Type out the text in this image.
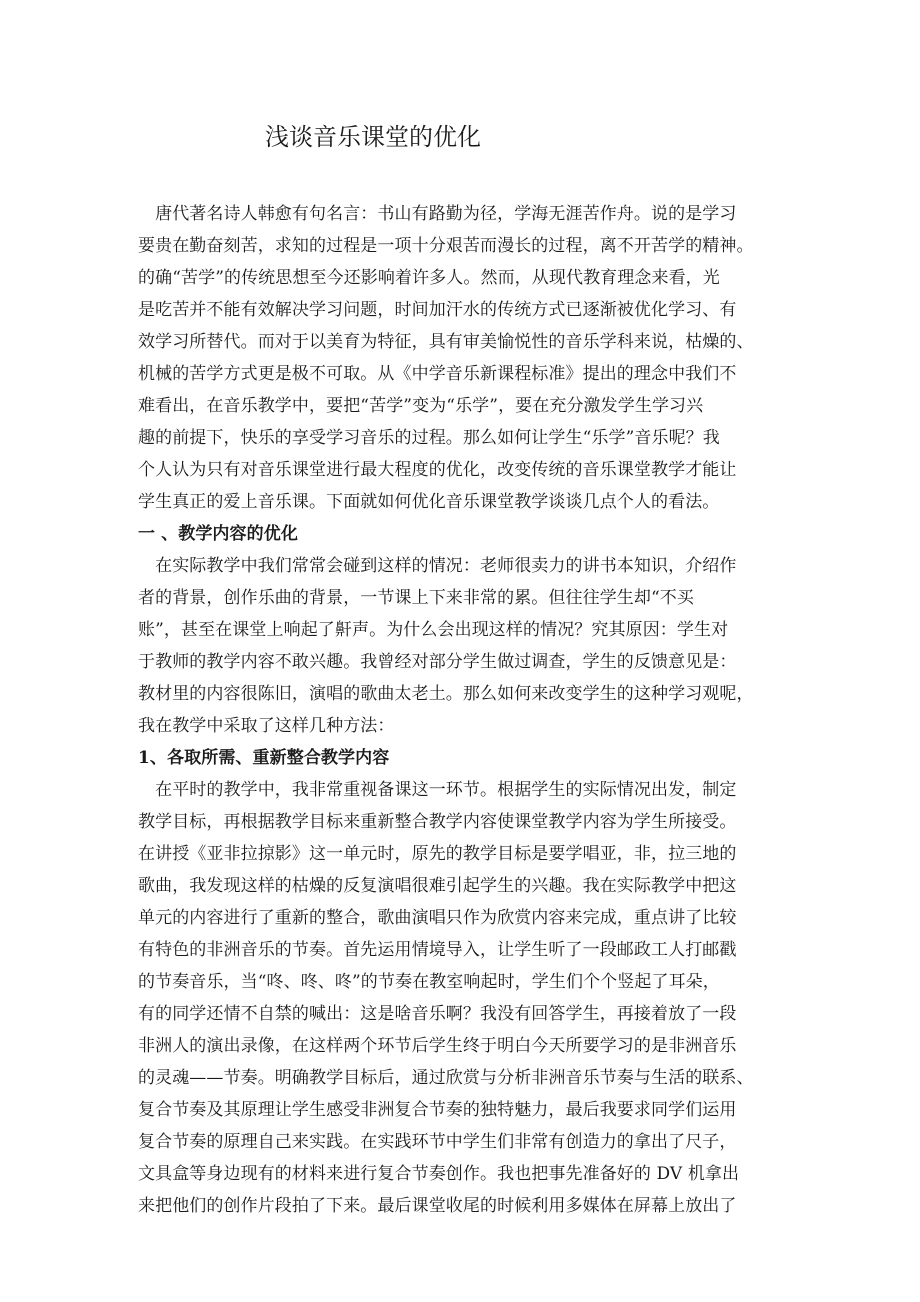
浅谈音乐课堂的优化
　唐代著名诗人韩愈有句名言：书山有路勤为径，学海无涯苦作舟。说的是学习
要贵在勤奋刻苦，求知的过程是一项十分艰苦而漫长的过程，离不开苦学的精神。
的确“苦学”的传统思想至今还影响着许多人。然而，从现代教育理念来看，光
是吃苦并不能有效解决学习问题，时间加汗水的传统方式已逐渐被优化学习、有
效学习所替代。而对于以美育为特征，具有审美愉悦性的音乐学科来说，枯燥的、
机械的苦学方式更是极不可取。从《中学音乐新课程标准》提出的理念中我们不
难看出，在音乐教学中，要把“苦学”变为“乐学”，要在充分激发学生学习兴
趣的前提下，快乐的享受学习音乐的过程。那么如何让学生“乐学”音乐呢？我
个人认为只有对音乐课堂进行最大程度的优化，改变传统的音乐课堂教学才能让
学生真正的爱上音乐课。下面就如何优化音乐课堂教学谈谈几点个人的看法。
一 、教学内容的优化
　在实际教学中我们常常会碰到这样的情况：老师很卖力的讲书本知识，介绍作
者的背景，创作乐曲的背景，一节课上下来非常的累。但往往学生却“不买
账”，甚至在课堂上响起了鼾声。为什么会出现这样的情况？究其原因：学生对
于教师的教学内容不敢兴趣。我曾经对部分学生做过调查，学生的反馈意见是：
教材里的内容很陈旧，演唱的歌曲太老土。那么如何来改变学生的这种学习观呢，
我在教学中采取了这样几种方法：
1、各取所需、重新整合教学内容
　在平时的教学中，我非常重视备课这一环节。根据学生的实际情况出发，制定
教学目标，再根据教学目标来重新整合教学内容使课堂教学内容为学生所接受。
在讲授《亚非拉掠影》这一单元时，原先的教学目标是要学唱亚，非，拉三地的
歌曲，我发现这样的枯燥的反复演唱很难引起学生的兴趣。我在实际教学中把这
单元的内容进行了重新的整合，歌曲演唱只作为欣赏内容来完成，重点讲了比较
有特色的非洲音乐的节奏。首先运用情境导入，让学生听了一段邮政工人打邮戳
的节奏音乐，当“咚、咚、咚”的节奏在教室响起时，学生们个个竖起了耳朵，
有的同学还情不自禁的喊出：这是啥音乐啊？我没有回答学生，再接着放了一段
非洲人的演出录像，在这样两个环节后学生终于明白今天所要学习的是非洲音乐
的灵魂——节奏。明确教学目标后，通过欣赏与分析非洲音乐节奏与生活的联系、
复合节奏及其原理让学生感受非洲复合节奏的独特魅力，最后我要求同学们运用
复合节奏的原理自己来实践。在实践环节中学生们非常有创造力的拿出了尺子，
文具盒等身边现有的材料来进行复合节奏创作。我也把事先准备好的 DV 机拿出
来把他们的创作片段拍了下来。最后课堂收尾的时候利用多媒体在屏幕上放出了
